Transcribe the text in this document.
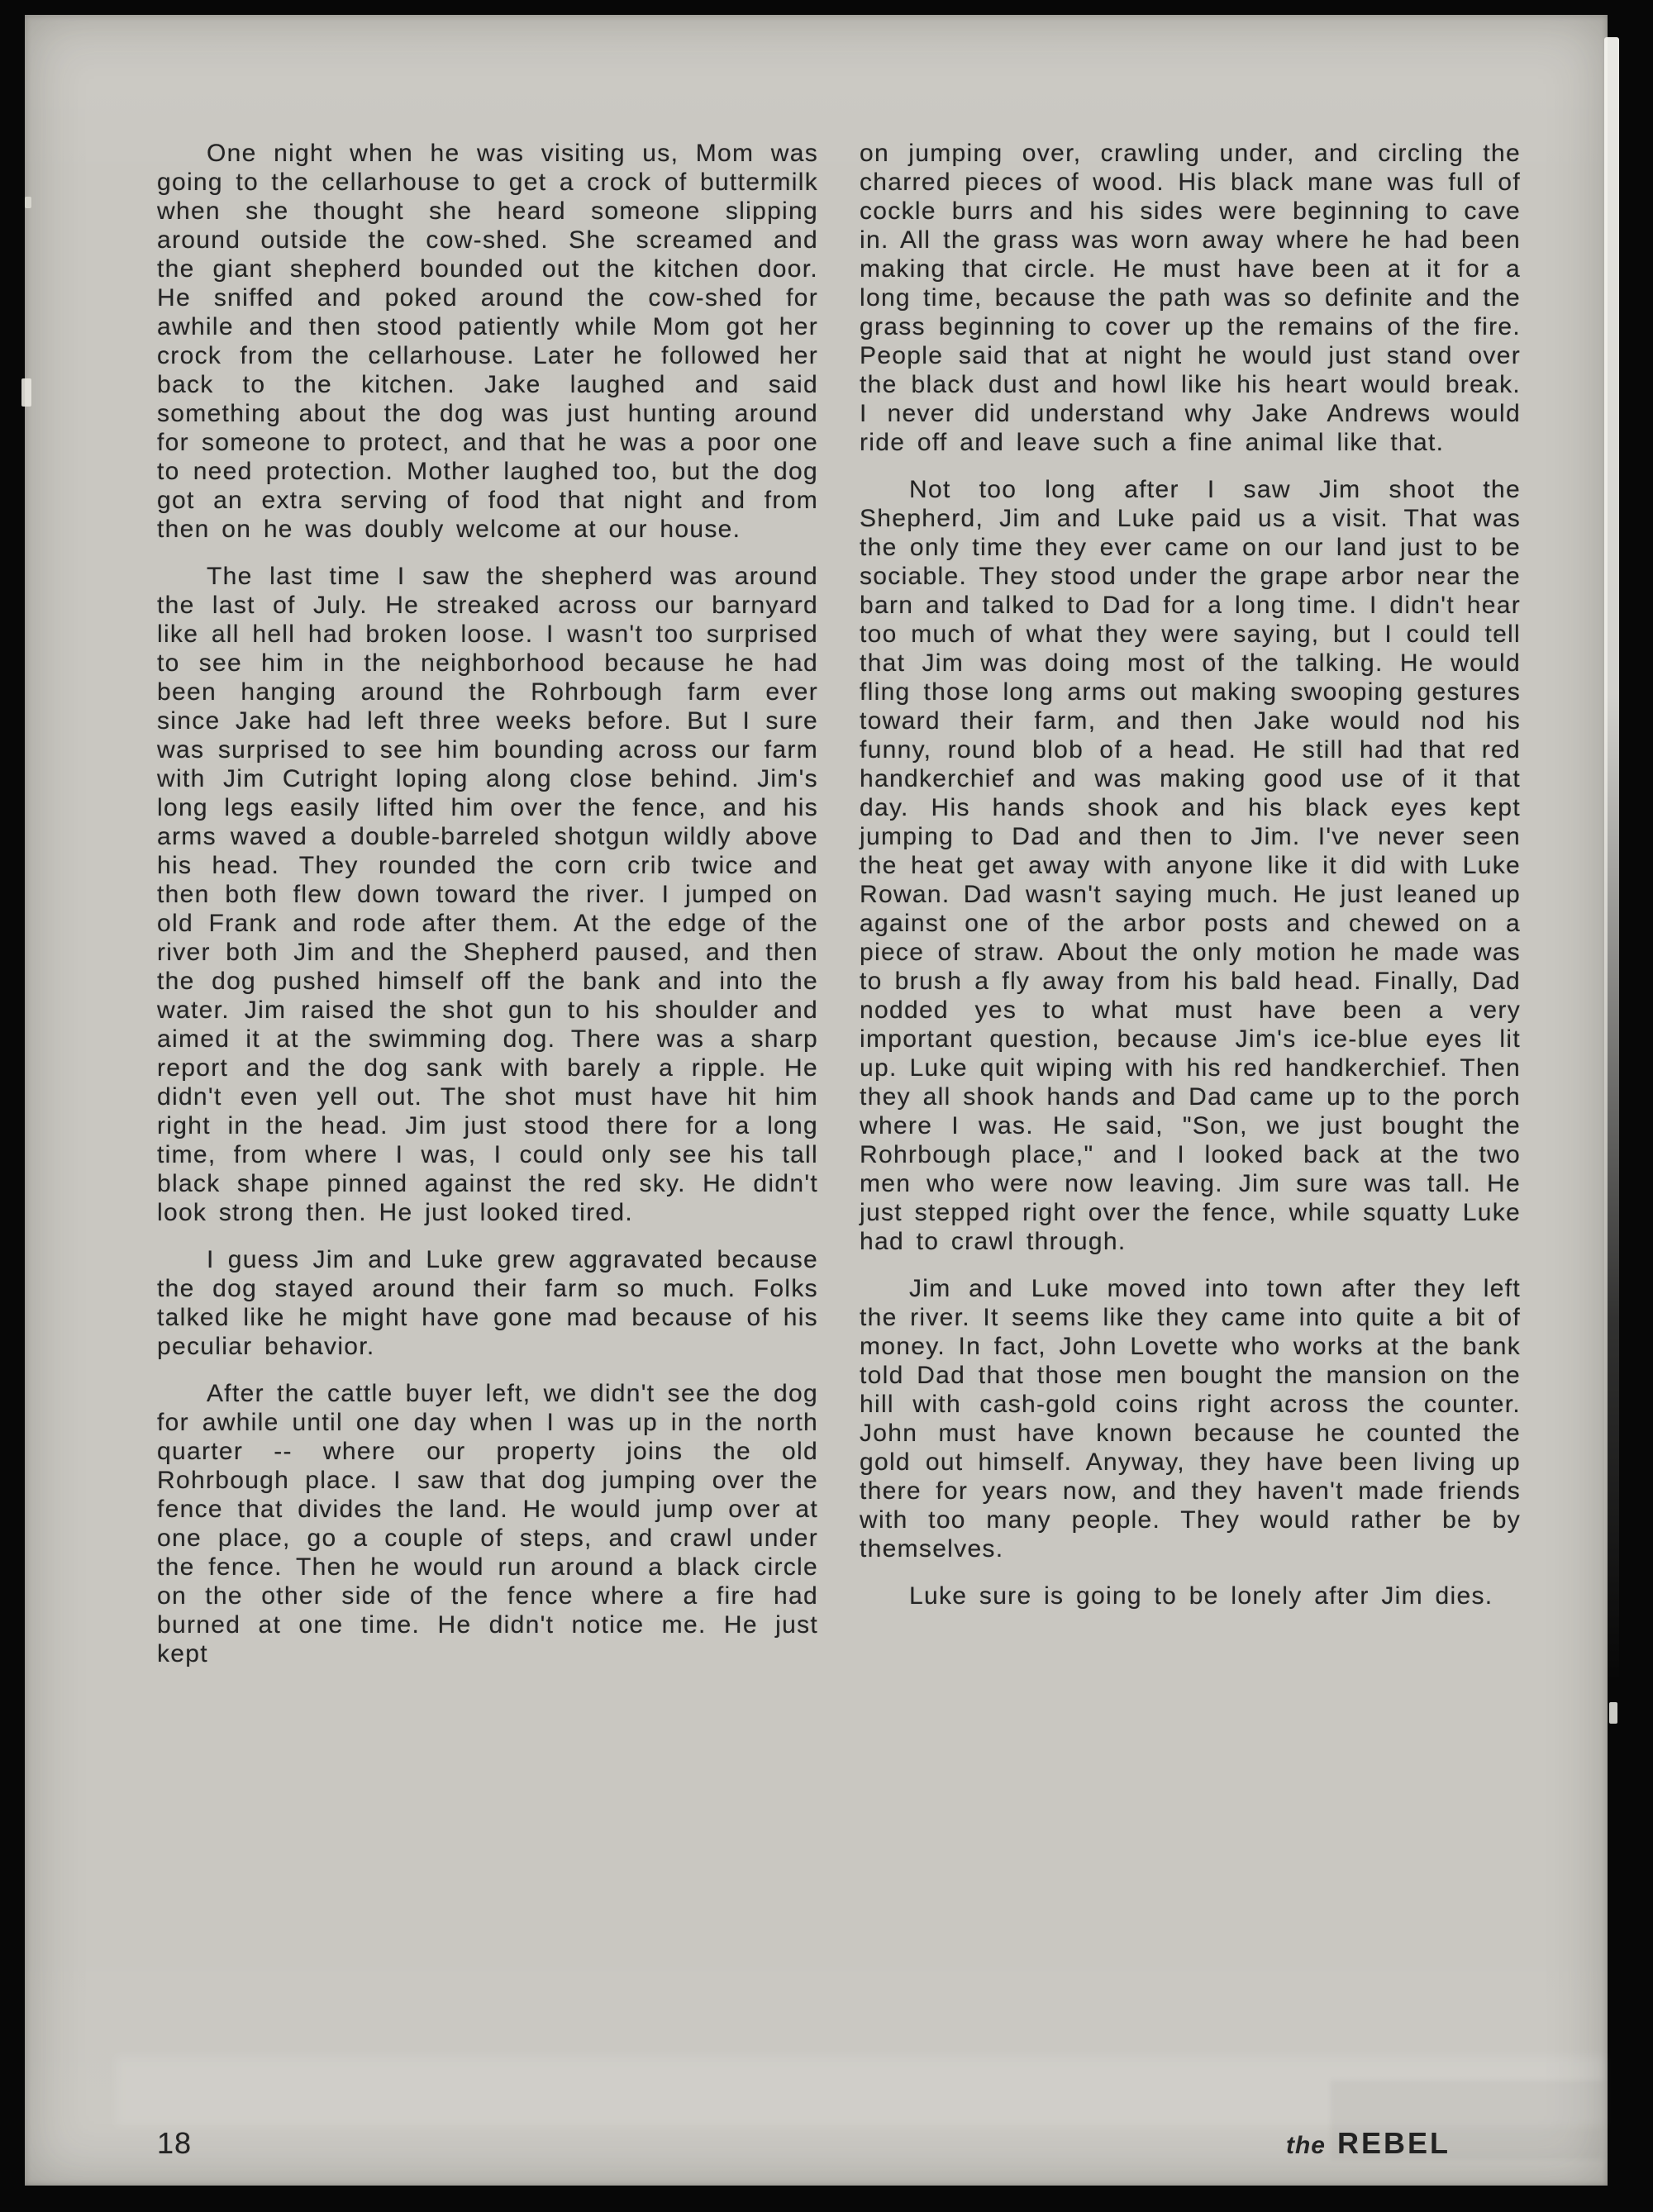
One night when he was visiting us, Mom was going to the cellarhouse to get a crock of buttermilk when she thought she heard someone slipping around outside the cow-shed. She screamed and the giant shepherd bounded out the kitchen door. He sniffed and poked around the cow-shed for awhile and then stood patiently while Mom got her crock from the cellarhouse. Later he followed her back to the kitchen. Jake laughed and said something about the dog was just hunting around for someone to protect, and that he was a poor one to need protection. Mother laughed too, but the dog got an extra serving of food that night and from then on he was doubly welcome at our house.

The last time I saw the shepherd was around the last of July. He streaked across our barnyard like all hell had broken loose. I wasn't too surprised to see him in the neighborhood because he had been hanging around the Rohrbough farm ever since Jake had left three weeks before. But I sure was surprised to see him bounding across our farm with Jim Cutright loping along close behind. Jim's long legs easily lifted him over the fence, and his arms waved a double-barreled shotgun wildly above his head. They rounded the corn crib twice and then both flew down toward the river. I jumped on old Frank and rode after them. At the edge of the river both Jim and the Shepherd paused, and then the dog pushed himself off the bank and into the water. Jim raised the shot gun to his shoulder and aimed it at the swimming dog. There was a sharp report and the dog sank with barely a ripple. He didn't even yell out. The shot must have hit him right in the head. Jim just stood there for a long time, from where I was, I could only see his tall black shape pinned against the red sky. He didn't look strong then. He just looked tired.

I guess Jim and Luke grew aggravated because the dog stayed around their farm so much. Folks talked like he might have gone mad because of his peculiar behavior.

After the cattle buyer left, we didn't see the dog for awhile until one day when I was up in the north quarter -- where our property joins the old Rohrbough place. I saw that dog jumping over the fence that divides the land. He would jump over at one place, go a couple of steps, and crawl under the fence. Then he would run around a black circle on the other side of the fence where a fire had burned at one time. He didn't notice me. He just kept

on jumping over, crawling under, and circling the charred pieces of wood. His black mane was full of cockle burrs and his sides were beginning to cave in. All the grass was worn away where he had been making that circle. He must have been at it for a long time, because the path was so definite and the grass beginning to cover up the remains of the fire. People said that at night he would just stand over the black dust and howl like his heart would break. I never did understand why Jake Andrews would ride off and leave such a fine animal like that.

Not too long after I saw Jim shoot the Shepherd, Jim and Luke paid us a visit. That was the only time they ever came on our land just to be sociable. They stood under the grape arbor near the barn and talked to Dad for a long time. I didn't hear too much of what they were saying, but I could tell that Jim was doing most of the talking. He would fling those long arms out making swooping gestures toward their farm, and then Jake would nod his funny, round blob of a head. He still had that red handkerchief and was making good use of it that day. His hands shook and his black eyes kept jumping to Dad and then to Jim. I've never seen the heat get away with anyone like it did with Luke Rowan. Dad wasn't saying much. He just leaned up against one of the arbor posts and chewed on a piece of straw. About the only motion he made was to brush a fly away from his bald head. Finally, Dad nodded yes to what must have been a very important question, because Jim's ice-blue eyes lit up. Luke quit wiping with his red handkerchief. Then they all shook hands and Dad came up to the porch where I was. He said, "Son, we just bought the Rohrbough place," and I looked back at the two men who were now leaving. Jim sure was tall. He just stepped right over the fence, while squatty Luke had to crawl through.

Jim and Luke moved into town after they left the river. It seems like they came into quite a bit of money. In fact, John Lovette who works at the bank told Dad that those men bought the mansion on the hill with cash-gold coins right across the counter. John must have known because he counted the gold out himself. Anyway, they have been living up there for years now, and they haven't made friends with too many people. They would rather be by themselves.

Luke sure is going to be lonely after Jim dies.

18	the REBEL
